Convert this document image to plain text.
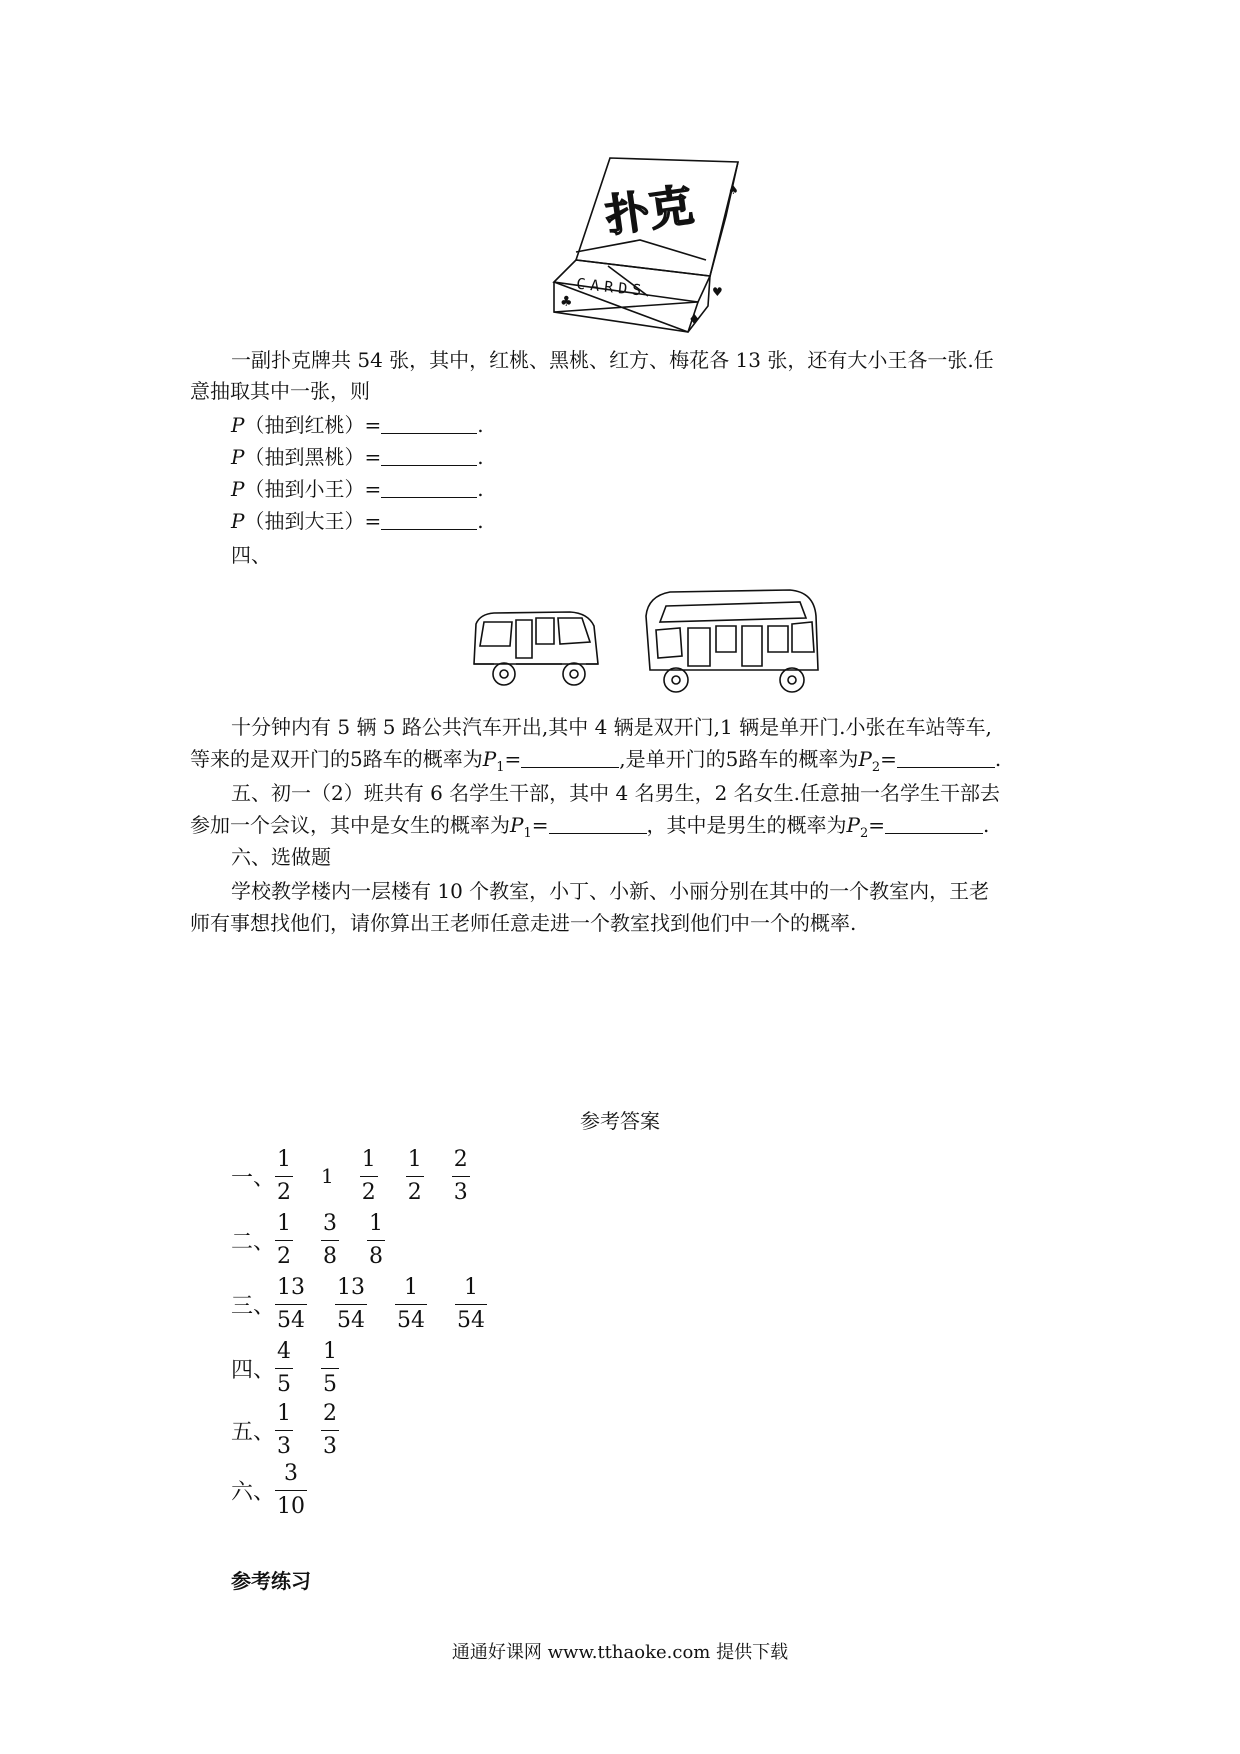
扑克
CARDS
♣
♦
♠
♥
一副扑克牌共 54 张，其中，红桃、黑桃、红方、梅花各 13 张，还有大小王各一张.任
意抽取其中一张，则
P（抽到红桃）=	.
P（抽到黑桃）=	.
P（抽到小王）=	.
P（抽到大王）=	.
四、
十分钟内有 5 辆 5 路公共汽车开出,其中 4 辆是双开门,1 辆是单开门.小张在车站等车,
等来的是双开门的5路车的概率为$P_1=$	,是单开门的5路车的概率为$P_2=$	.
五、初一（2）班共有 6 名学生干部，其中 4 名男生，2 名女生.任意抽一名学生干部去
参加一个会议，其中是女生的概率为$P_1=$	，其中是男生的概率为$P_2=$	.
六、选做题
学校教学楼内一层楼有 10 个教室，小丁、小新、小丽分别在其中的一个教室内，王老
师有事想找他们，请你算出王老师任意走进一个教室找到他们中一个的概率.
参考答案
一、 $\frac{1}{2} 1 \frac{1}{2} \frac{1}{2} \frac{2}{3}$
二、 $\frac{1}{2} \frac{3}{8} \frac{1}{8}$
三、 $\frac{13}{54} \frac{13}{54} \frac{1}{54} \frac{1}{54}$
四、 $\frac{4}{5} \frac{1}{5}$
五、 $\frac{1}{3} \frac{2}{3}$
六、 $\frac{3}{10}$
参考练习
通通好课网 www.tthaoke.com 提供下载
